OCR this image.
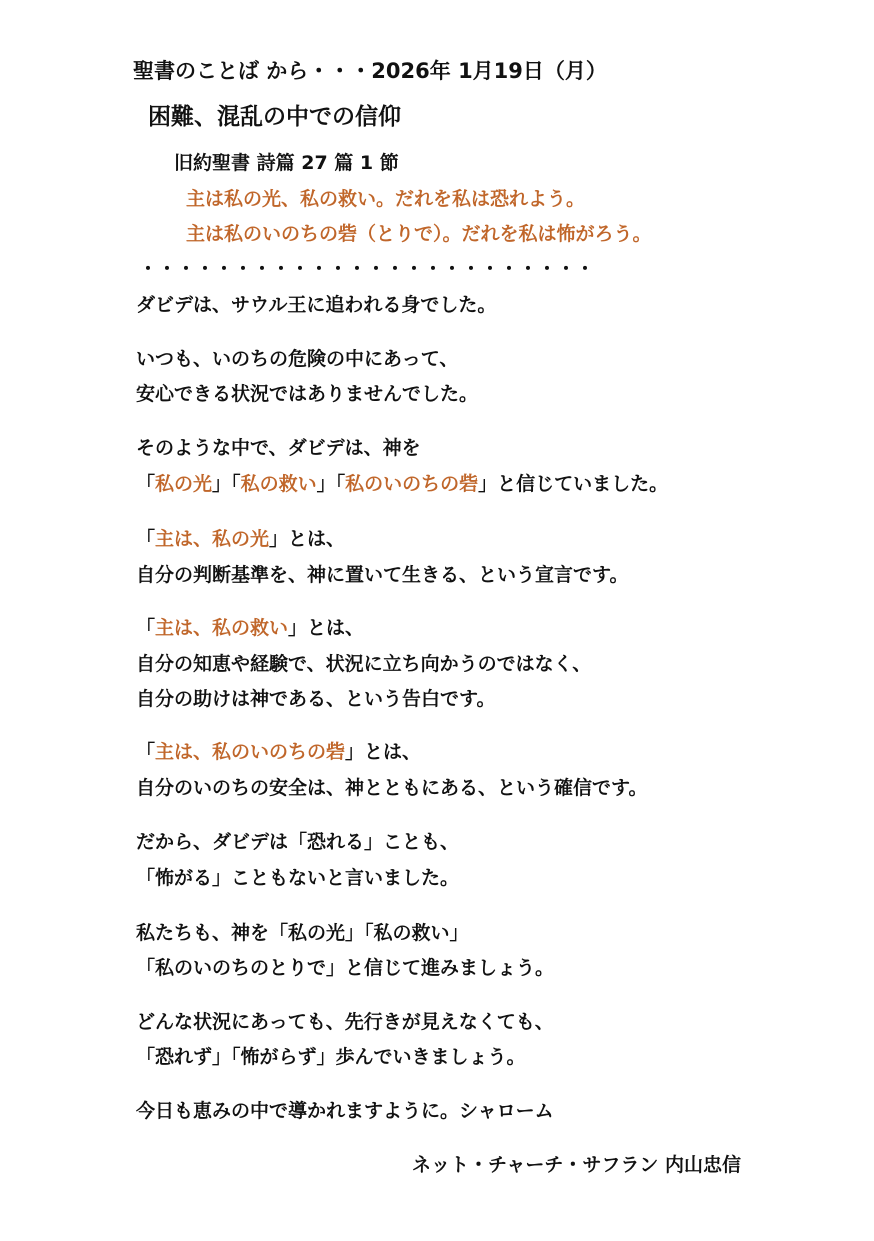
聖書のことば から・・・2026年 1月19日（月）
困難、混乱の中での信仰
旧約聖書 詩篇 27 篇 1 節
主は私の光、私の救い。だれを私は恐れよう。
主は私のいのちの砦（とりで）。だれを私は怖がろう。
・・・・・・・・・・・・・・・・・・・・・・・・
ダビデは、サウル王に追われる身でした。
いつも、いのちの危険の中にあって、
安心できる状況ではありませんでした。
そのような中で、ダビデは、神を
「私の光」「私の救い」「私のいのちの砦」と信じていました。
「主は、私の光」とは、
自分の判断基準を、神に置いて生きる、という宣言です。
「主は、私の救い」とは、
自分の知恵や経験で、状況に立ち向かうのではなく、
自分の助けは神である、という告白です。
「主は、私のいのちの砦」とは、
自分のいのちの安全は、神とともにある、という確信です。
だから、ダビデは「恐れる」ことも、
「怖がる」こともないと言いました。
私たちも、神を「私の光」「私の救い」
「私のいのちのとりで」と信じて進みましょう。
どんな状況にあっても、先行きが見えなくても、
「恐れず」「怖がらず」歩んでいきましょう。
今日も恵みの中で導かれますように。シャローム
ネット・チャーチ・サフラン 内山忠信
